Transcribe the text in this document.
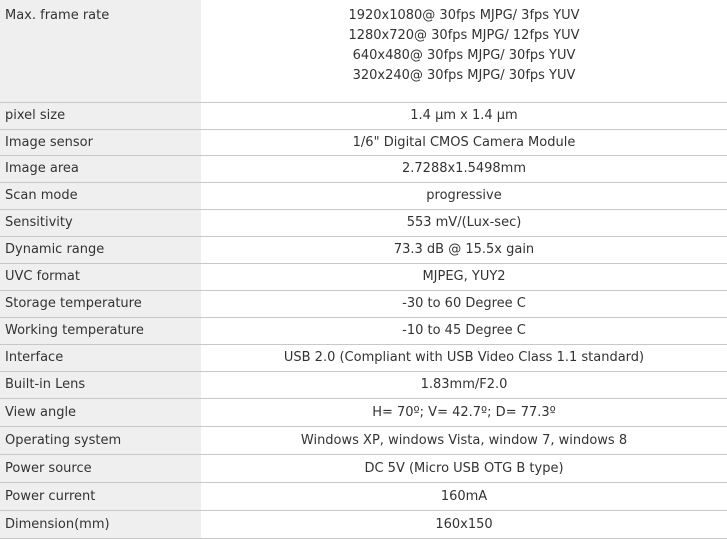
Max. frame rate	1920x1080@ 30fps MJPG/ 3fps YUV
1280x720@ 30fps MJPG/ 12fps YUV
640x480@ 30fps MJPG/ 30fps YUV
320x240@ 30fps MJPG/ 30fps YUV

pixel size	1.4 μm x 1.4 μm
Image sensor	1/6" Digital CMOS Camera Module
Image area	2.7288x1.5498mm
Scan mode	progressive
Sensitivity	553 mV/(Lux-sec)
Dynamic range	73.3 dB @ 15.5x gain
UVC format	MJPEG, YUY2
Storage temperature	-30 to 60 Degree C
Working temperature	-10 to 45 Degree C
Interface	USB 2.0 (Compliant with USB Video Class 1.1 standard)
Built-in Lens	1.83mm/F2.0
View angle	H= 70º; V= 42.7º; D= 77.3º
Operating system	Windows XP, windows Vista, window 7, windows 8
Power source	DC 5V (Micro USB OTG B type)
Power current	160mA
Dimension(mm)	160x150
